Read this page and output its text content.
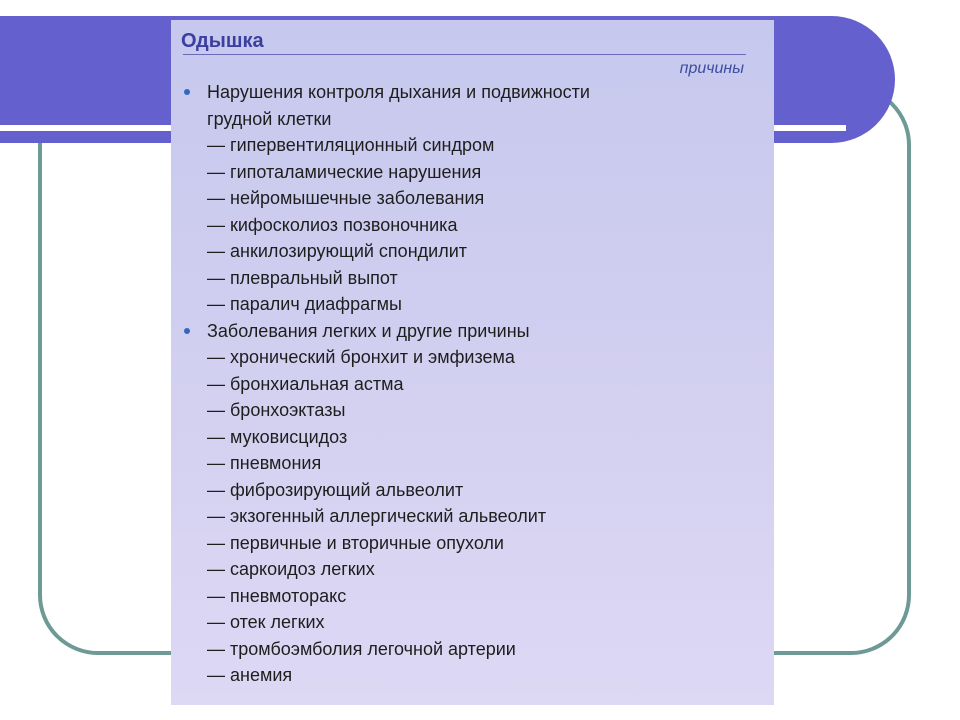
Одышка
причины
Нарушения контроля дыхания и подвижности
грудной клетки
— гипервентиляционный синдром
— гипоталамические нарушения
— нейромышечные заболевания
— кифосколиоз позвоночника
— анкилозирующий спондилит
— плевральный выпот
— паралич диафрагмы
Заболевания легких и другие причины
— хронический бронхит и эмфизема
— бронхиальная астма
— бронхоэктазы
— муковисцидоз
— пневмония
— фиброзирующий альвеолит
— экзогенный аллергический альвеолит
— первичные и вторичные опухоли
— саркоидоз легких
— пневмоторакс
— отек легких
— тромбоэмболия легочной артерии
— анемия
